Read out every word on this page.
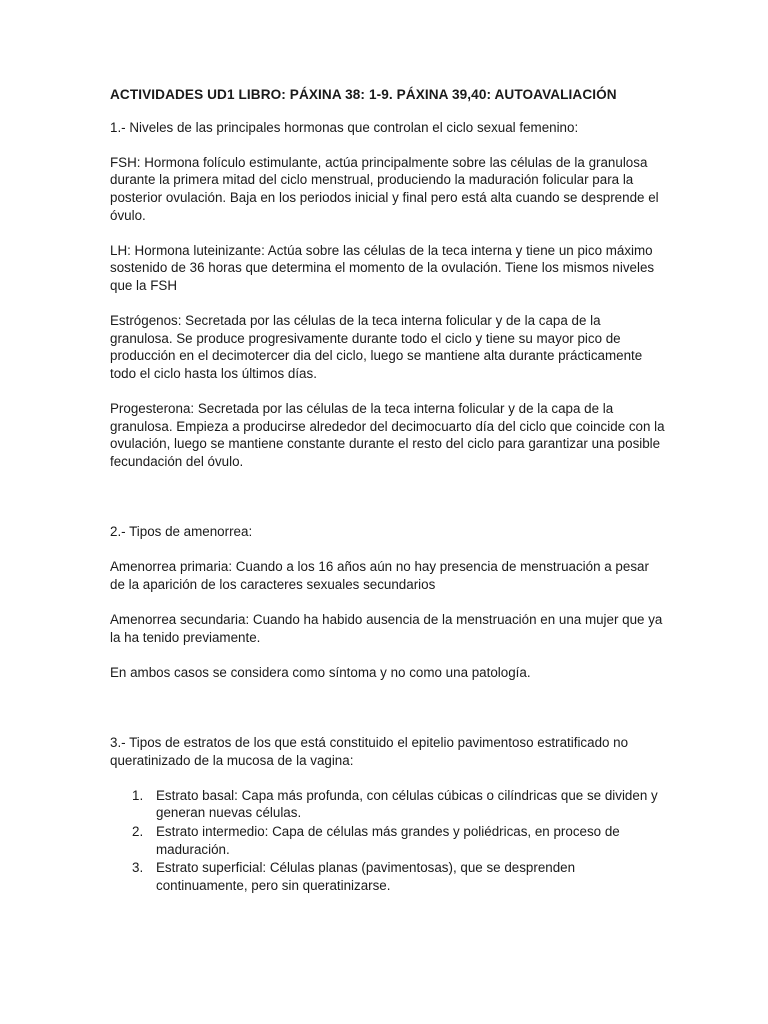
ACTIVIDADES UD1 LIBRO: PÁXINA 38: 1-9. PÁXINA 39,40: AUTOAVALIACIÓN

1.- Niveles de las principales hormonas que controlan el ciclo sexual femenino:

FSH: Hormona folículo estimulante, actúa principalmente sobre las células de la granulosa durante la primera mitad del ciclo menstrual, produciendo la maduración folicular para la posterior ovulación. Baja en los periodos inicial y final pero está alta cuando se desprende el óvulo.

LH: Hormona luteinizante: Actúa sobre las células de la teca interna y tiene un pico máximo sostenido de 36 horas que determina el momento de la ovulación. Tiene los mismos niveles que la FSH

Estrógenos: Secretada por las células de la teca interna folicular y de la capa de la granulosa. Se produce progresivamente durante todo el ciclo y tiene su mayor pico de producción en el decimotercer dia del ciclo, luego se mantiene alta durante prácticamente todo el ciclo hasta los últimos días.

Progesterona: Secretada por las células de la teca interna folicular y de la capa de la granulosa. Empieza a producirse alrededor del decimocuarto día del ciclo que coincide con la ovulación, luego se mantiene constante durante el resto del ciclo para garantizar una posible fecundación del óvulo.

2.- Tipos de amenorrea:

Amenorrea primaria: Cuando a los 16 años aún no hay presencia de menstruación a pesar de la aparición de los caracteres sexuales secundarios

Amenorrea secundaria: Cuando ha habido ausencia de la menstruación en una mujer que ya la ha tenido previamente.

En ambos casos se considera como síntoma y no como una patología.

3.- Tipos de estratos de los que está constituido el epitelio pavimentoso estratificado no queratinizado de la mucosa de la vagina:

1. Estrato basal: Capa más profunda, con células cúbicas o cilíndricas que se dividen y generan nuevas células.
2. Estrato intermedio: Capa de células más grandes y poliédricas, en proceso de maduración.
3. Estrato superficial: Células planas (pavimentosas), que se desprenden continuamente, pero sin queratinizarse.
